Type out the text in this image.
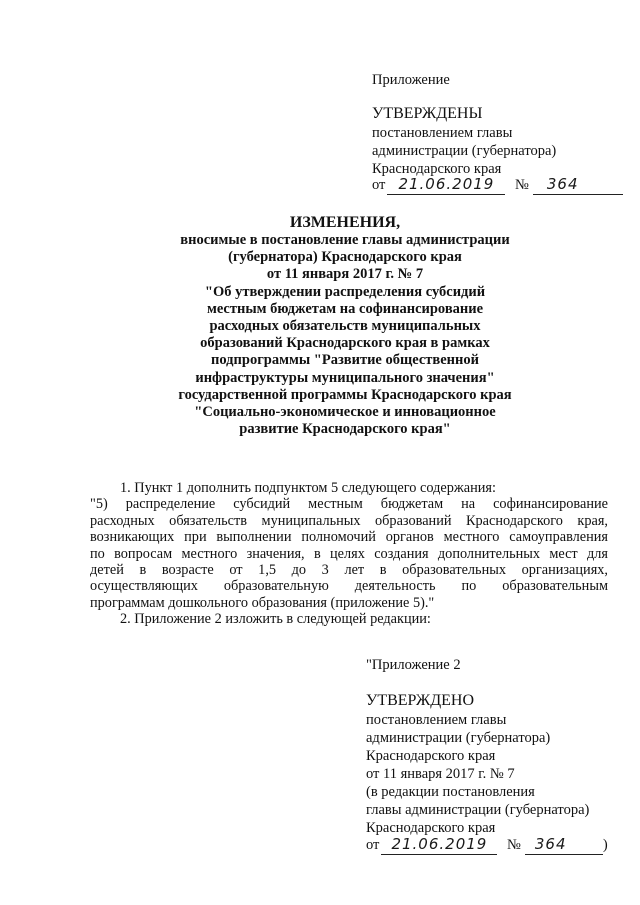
Приложение
УТВЕРЖДЕНЫ
постановлением главы
администрации (губернатора)
Краснодарского края
от 21.06.2019 № 364
ИЗМЕНЕНИЯ,
вносимые в постановление главы администрации
(губернатора) Краснодарского края
от 11 января 2017 г. № 7
"Об утверждении распределения субсидий
местным бюджетам на софинансирование
расходных обязательств муниципальных
образований Краснодарского края в рамках
подпрограммы "Развитие общественной
инфраструктуры муниципального значения"
государственной программы Краснодарского края
"Социально-экономическое и инновационное
развитие Краснодарского края"
1. Пункт 1 дополнить подпунктом 5 следующего содержания:
"5) распределение субсидий местным бюджетам на софинансирование
расходных обязательств муниципальных образований Краснодарского края,
возникающих при выполнении полномочий органов местного самоуправления
по вопросам местного значения, в целях создания дополнительных мест для
детей в возрасте от 1,5 до 3 лет в образовательных организациях,
осуществляющих образовательную деятельность по образовательным
программам дошкольного образования (приложение 5)."
2. Приложение 2 изложить в следующей редакции:
"Приложение 2
УТВЕРЖДЕНО
постановлением главы
администрации (губернатора)
Краснодарского края
от 11 января 2017 г. № 7
(в редакции постановления
главы администрации (губернатора)
Краснодарского края
от 21.06.2019 № 364	)
